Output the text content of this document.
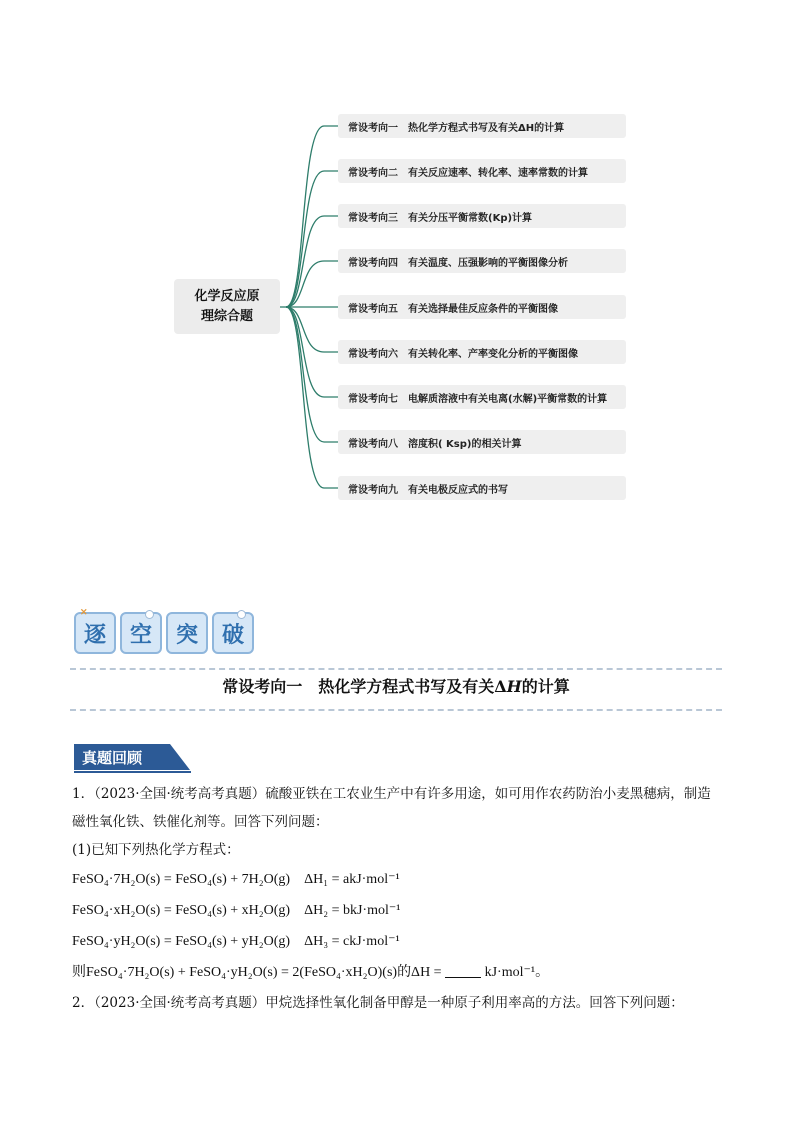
化学反应原
理综合题
常设考向一 热化学方程式书写及有关ΔH的计算
常设考向二 有关反应速率、转化率、速率常数的计算
常设考向三 有关分压平衡常数(Kp)计算
常设考向四 有关温度、压强影响的平衡图像分析
常设考向五 有关选择最佳反应条件的平衡图像
常设考向六 有关转化率、产率变化分析的平衡图像
常设考向七 电解质溶液中有关电离(水解)平衡常数的计算
常设考向八 溶度积( Ksp)的相关计算
常设考向九 有关电极反应式的书写
✕
逐 空 突 破
常设考向一　热化学方程式书写及有关ΔH的计算
真题回顾

1．（2023·全国·统考高考真题）硫酸亚铁在工农业生产中有许多用途，如可用作农药防治小麦黑穗病，制造磁性氧化铁、铁催化剂等。回答下列问题：

(1)已知下列热化学方程式：

FeSO₄·7H₂O(s) = FeSO₄(s) + 7H₂O(g) ΔH₁ = akJ·mol⁻¹

FeSO₄·xH₂O(s) = FeSO₄(s) + xH₂O(g) ΔH₂ = bkJ·mol⁻¹

FeSO₄·yH₂O(s) = FeSO₄(s) + yH₂O(g) ΔH₃ = ckJ·mol⁻¹

则FeSO₄·7H₂O(s) + FeSO₄·yH₂O(s) = 2(FeSO₄·xH₂O)(s)的ΔH =	kJ·mol⁻¹。

2．（2023·全国·统考高考真题）甲烷选择性氧化制备甲醇是一种原子利用率高的方法。回答下列问题：
